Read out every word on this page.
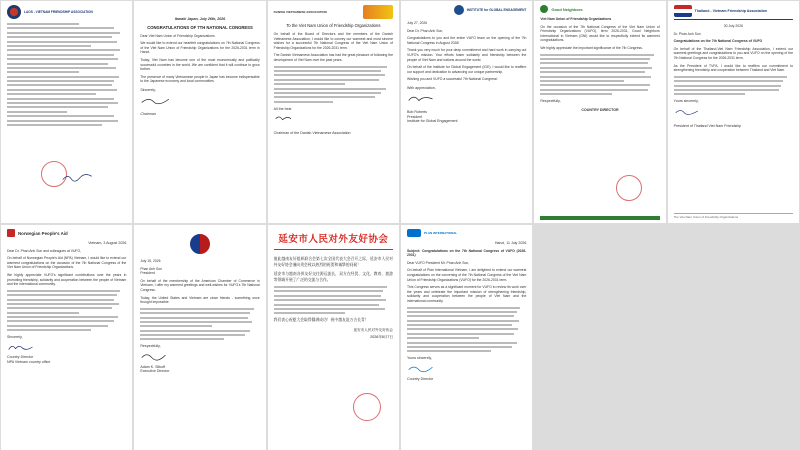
LAOS - VIETNAM FRIENDSHIP ASSOCIATION
Ibaraki Japan, July 26th, 2026
CONGRATULATIONS OF 7TH NATIONAL CONGRESS
Dear Viet Nam Union of Friendship Organizations
We would like to extend our heartfelt congratulations on 7th National Congress of the Viet Nam Union of Friendship Organizations for the 2026-2031 term in Hanoi.
Today, Viet Nam has become one of the most economically and politically successful countries in the world. We are confident that it will continue to grow further.
The presence of many Vietnamese people in Japan has become indispensable to the Japanese economy and local communities.
Sincerely,
Chairman
DANISH VIETNAMESE ASSOCIATION
To the Viet Nam Union of Friendship Organizations
On behalf of the Board of Directors and the members of the Danish Vietnamese Association, I would like to convey our warmest and most sincere wishes for a successful 7th National Congress of the Viet Nam Union of Friendship Organizations for the 2026-2031 term.
The Danish Vietnamese Association has had the great pleasure of following the development of Viet Nam over the past years.
All the best
Chairman of the Danish Vietnamese Association
INSTITUTE for GLOBAL ENGAGEMENT
July 27, 2026
Dear Dr. Phan Anh Son,
Congratulations to you and the entire VUFO team on the opening of the 7th National Congress in August 2026!
Thank you very much for your deep commitment and hard work in carrying out VUFO's mission. Your efforts foster solidarity and friendship between the people of Viet Nam and nations around the world.
On behalf of the Institute for Global Engagement (IGE), I would like to reaffirm our support and dedication to advancing our unique partnership.
Wishing you and VUFO a successful 7th National Congress!
With appreciation,
Bob Roberts
President
Institute for Global Engagement
Good Neighbors
Viet Nam Union of Friendship Organizations
On the occasion of the 7th National Congress of the Viet Nam Union of Friendship Organizations (VUFO), term 2026-2031, Good Neighbors International in Vietnam (GNI) would like to respectfully extend its warmest congratulations.
We highly appreciate the important significance of the 7th Congress.
Respectfully,
COUNTRY DIRECTOR
Thailand - Vietnam Friendship Association
30 July 2026
Dr. Phan Anh Son
Congratulations on the 7th National Congress of VUFO
On behalf of the Thailand-Viet Nam Friendship Association, I extend our warmest greetings and congratulations to you and VUFO on the opening of the 7th National Congress for the 2026-2031 term.
As the President of TVFA, I would like to reaffirm our commitment to strengthening friendship and cooperation between Thailand and Viet Nam.
Yours sincerely,
President of Thailand Viet Nam Friendship
The Viet Nam Union of Friendship Organizations
Norwegian People's Aid
Vietnam, 3 August 2026
Dear Dr. Phan Anh Son and colleagues at VUFO,
On behalf of Norwegian People's Aid (NPA) Vietnam, I would like to extend our warmest congratulations on the occasion of the 7th National Congress of the Viet Nam Union of Friendship Organizations.
We highly appreciate VUFO's significant contributions over the years in promoting friendship, solidarity and cooperation between the people of Vietnam and the international community.
Sincerely,
Country Director
NPA Vietnam country office
July 15, 2026
Phan Anh Son
President
On behalf of the membership of the American Chamber of Commerce in Vietnam, I offer my warmest greetings and well-wishes for VUFO's 7th National Congress.
Today, the United States and Vietnam are close friends - something once thought impossible.
Respectfully,
Adam K. Sitkoff
Executive Director
延安市人民对外友好协会
值此越南友好组织联合会第七次全国代表大会召开之际，延安市人民对外友好协会谨向贵会致以热烈的祝贺和诚挚的问候！
延安市与越南各界友好交往源远流长，双方在经贸、文化、教育、旅游等领域开展了广泛的交流与合作。
我们衷心祝愿大会取得圆满成功！祝中越友谊万古长青！
延安市人民对外友好协会
2026年8月7日
PLAN INTERNATIONAL
Hanoi, 11 July 2026
Subject: Congratulations on the 7th National Congress of VUFO (2026-2031)
Dear VUFO President Mr. Phan Anh Son,
On behalf of Plan International Vietnam, I am delighted to extend our warmest congratulations on the convening of the 7th National Congress of the Viet Nam Union of Friendship Organizations (VUFO) for the 2026-2031 term.
This Congress serves as a significant moment for VUFO to review its work over the years and celebrate the important mission of strengthening friendship, solidarity and cooperation between the people of Viet Nam and the international community.
Yours sincerely,
Country Director
